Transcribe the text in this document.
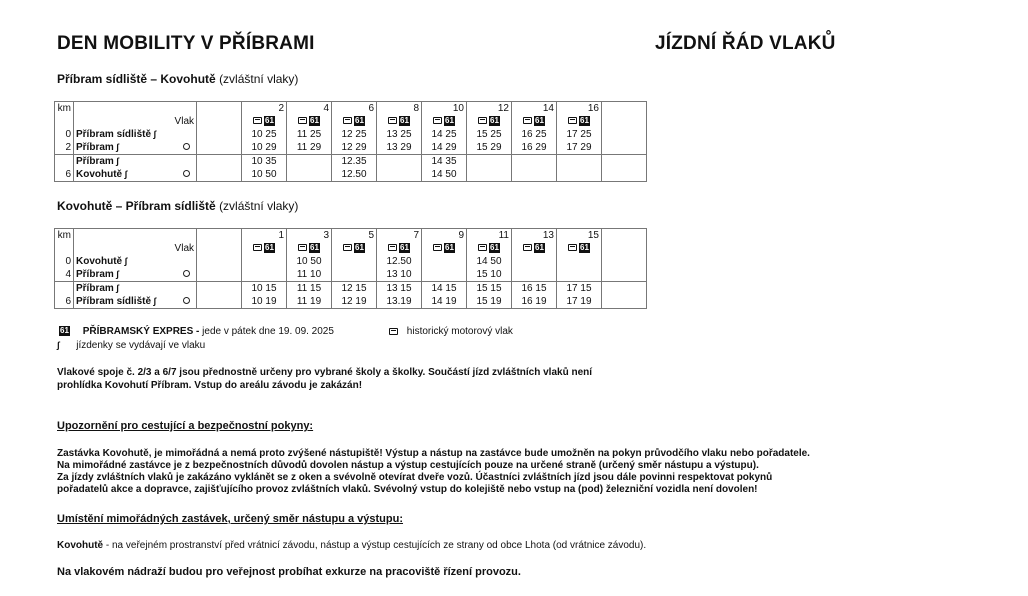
DEN MOBILITY V PŘÍBRAMI	JÍZDNÍ ŘÁD VLAKŮ
Příbram sídliště – Kovohutě (zvláštní vlaky)
km			2	4	6	8	10	12	14	16	
	Vlak		61	61	61	61	61	61	61	61	
0	Příbram sídliště ∫		10 25	11 25	12 25	13 25	14 25	15 25	16 25	17 25	
2	Příbram ∫		10 29	11 29	12 29	13 29	14 29	15 29	16 29	17 29	
	Příbram ∫		10 35		12.35		14 35				
6	Kovohutě ∫		10 50		12.50		14 50				
Kovohutě – Příbram sídliště (zvláštní vlaky)
km			1	3	5	7	9	11	13	15	
	Vlak		61	61	61	61	61	61	61	61	
0	Kovohutě ∫			10 50		12.50		14 50			
4	Příbram ∫			11 10		13 10		15 10			
	Příbram ∫		10 15	11 15	12 15	13 15	14 15	15 15	16 15	17 15	
6	Příbram sídliště ∫		10 19	11 19	12 19	13.19	14 19	15 19	16 19	17 19	
61 PŘÍBRAMSKÝ EXPRES - jede v pátek dne 19. 09. 2025	historický motorový vlak
∫ jízdenky se vydávají ve vlaku
Vlakové spoje č. 2/3 a 6/7 jsou přednostně určeny pro vybrané školy a školky. Součástí jízd zvláštních vlaků není
prohlídka Kovohutí Příbram. Vstup do areálu závodu je zakázán!
Upozornění pro cestující a bezpečnostní pokyny:
Zastávka Kovohutě, je mimořádná a nemá proto zvýšené nástupiště! Výstup a nástup na zastávce bude umožněn na pokyn průvodčího vlaku nebo pořadatele.
Na mimořádné zastávce je z bezpečnostních důvodů dovolen nástup a výstup cestujících pouze na určené straně (určený směr nástupu a výstupu).
Za jízdy zvláštních vlaků je zakázáno vyklánět se z oken a svévolně otevírat dveře vozů. Účastníci zvláštních jízd jsou dále povinni respektovat pokynů
pořadatelů akce a dopravce, zajišťujícího provoz zvláštních vlaků. Svévolný vstup do kolejiště nebo vstup na (pod) železniční vozidla není dovolen!
Umístění mimořádných zastávek, určený směr nástupu a výstupu:
Kovohutě - na veřejném prostranství před vrátnicí závodu, nástup a výstup cestujících ze strany od obce Lhota (od vrátnice závodu).
Na vlakovém nádraží budou pro veřejnost probíhat exkurze na pracoviště řízení provozu.
